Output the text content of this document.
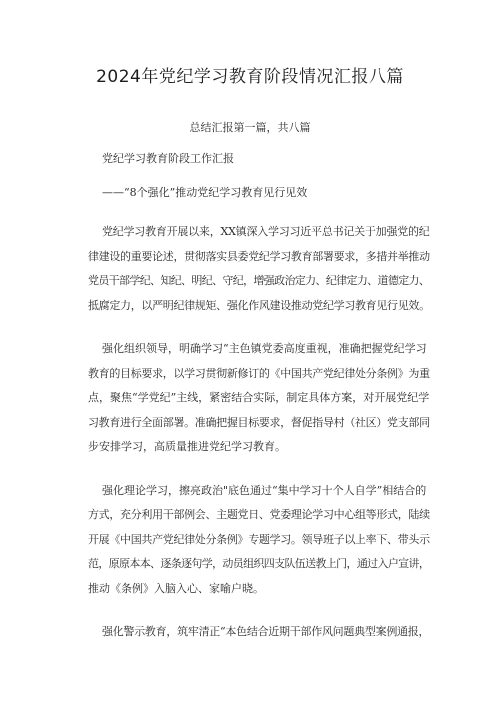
2024年党纪学习教育阶段情况汇报八篇
总结汇报第一篇，共八篇
党纪学习教育阶段工作汇报
——“8个强化”推动党纪学习教育见行见效
党纪学习教育开展以来，XX镇深入学习习近平总书记关于加强党的纪
律建设的重要论述，贯彻落实县委党纪学习教育部署要求，多措并举推动
党员干部学纪、知纪、明纪、守纪，增强政治定力、纪律定力、道德定力、
抵腐定力，以严明纪律规矩、强化作风建设推动党纪学习教育见行见效。
强化组织领导，明确学习“主色镇党委高度重视，准确把握党纪学习
教育的目标要求，以学习贯彻新修订的《中国共产党纪律处分条例》为重
点，聚焦“学党纪”主线，紧密结合实际，制定具体方案，对开展党纪学
习教育进行全面部署。准确把握目标要求，督促指导村（社区）党支部同
步安排学习，高质量推进党纪学习教育。
强化理论学习，擦亮政治"底色通过“集中学习十个人自学”相结合的
方式，充分利用干部例会、主题党日、党委理论学习中心组等形式，陆续
开展《中国共产党纪律处分条例》专题学习。领导班子以上率下、带头示
范，原原本本、逐条逐句学，动员组织四支队伍送教上门，通过入户宣讲，
推动《条例》入脑入心、家喻户晓。
强化警示教育，筑牢清正“本色结合近期干部作风问题典型案例通报，
